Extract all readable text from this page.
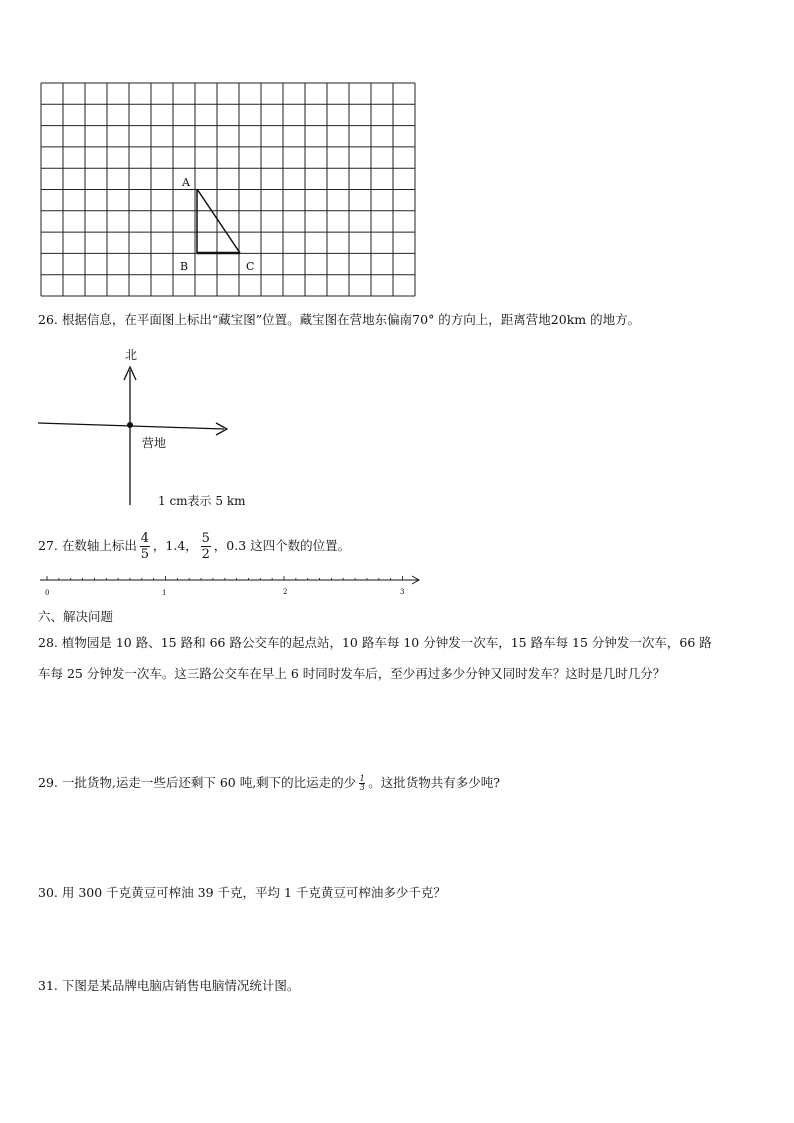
A
B	C
26. 根据信息，在平面图上标出“藏宝图”位置。藏宝图在营地东偏南70° 的方向上，距离营地20km 的地方。
北
营地
1 cm表示 5 km
27. 在数轴上标出 $\frac{4}{5}$ ，1.4， $\frac{5}{2}$ ，0.3 这四个数的位置。
0	1	2	3
六、解决问题
28. 植物园是 10 路、15 路和 66 路公交车的起点站，10 路车每 10 分钟发一次车，15 路车每 15 分钟发一次车，66 路
车每 25 分钟发一次车。这三路公交车在早上 6 时同时发车后，至少再过多少分钟又同时发车？这时是几时几分？
29. 一批货物,运走一些后还剩下 60 吨,剩下的比运走的少 $\frac{1}{3}$ 。这批货物共有多少吨?
30. 用 300 千克黄豆可榨油 39 千克，平均 1 千克黄豆可榨油多少千克？
31. 下图是某品牌电脑店销售电脑情况统计图。
